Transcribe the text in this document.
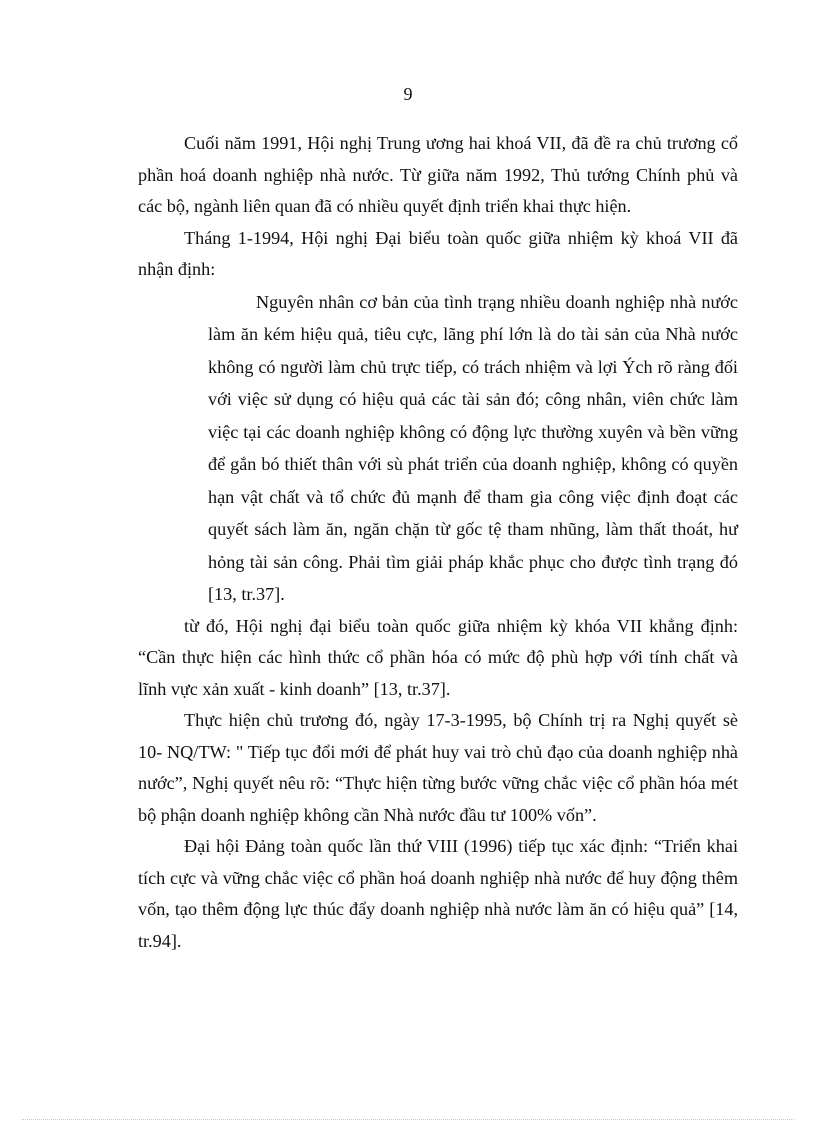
9

Cuối năm 1991, Hội nghị Trung ương hai khoá VII, đã đề ra chủ trương cổ phần hoá doanh nghiệp nhà nước. Từ giữa năm 1992, Thủ tướng Chính phủ và các bộ, ngành liên quan đã có nhiều quyết định triển khai thực hiện.

Tháng 1-1994, Hội nghị Đại biểu toàn quốc giữa nhiệm kỳ khoá VII đã nhận định:

Nguyên nhân cơ bản của tình trạng nhiều doanh nghiệp nhà nước làm ăn kém hiệu quả, tiêu cực, lãng phí lớn là do tài sản của Nhà nước không có người làm chủ trực tiếp, có trách nhiệm và lợi Ých rõ ràng đối với việc sử dụng có hiệu quả các tài sản đó; công nhân, viên chức làm việc tại các doanh nghiệp không có động lực thường xuyên và bền vững để gắn bó thiết thân với sù phát triển của doanh nghiệp, không có quyền hạn vật chất và tổ chức đủ mạnh để tham gia công việc định đoạt các quyết sách làm ăn, ngăn chặn từ gốc tệ tham nhũng, làm thất thoát, hư hỏng tài sản công. Phải tìm giải pháp khắc phục cho được tình trạng đó [13, tr.37].

từ đó, Hội nghị đại biểu toàn quốc giữa nhiệm kỳ khóa VII khẳng định: “Cần thực hiện các hình thức cổ phần hóa có mức độ phù hợp với tính chất và lĩnh vực xản xuất - kinh doanh” [13, tr.37].

Thực hiện chủ trương đó, ngày 17-3-1995, bộ Chính trị ra Nghị quyết sè 10- NQ/TW: " Tiếp tục đổi mới để phát huy vai trò chủ đạo của doanh nghiệp nhà nước”, Nghị quyết nêu rõ: “Thực hiện từng bước vững chắc việc cổ phần hóa mét bộ phận doanh nghiệp không cần Nhà nước đầu tư 100% vốn”.

Đại hội Đảng toàn quốc lần thứ VIII (1996) tiếp tục xác định: “Triển khai tích cực và vững chắc việc cổ phần hoá doanh nghiệp nhà nước để huy động thêm vốn, tạo thêm động lực thúc đẩy doanh nghiệp nhà nước làm ăn có hiệu quả” [14, tr.94].
